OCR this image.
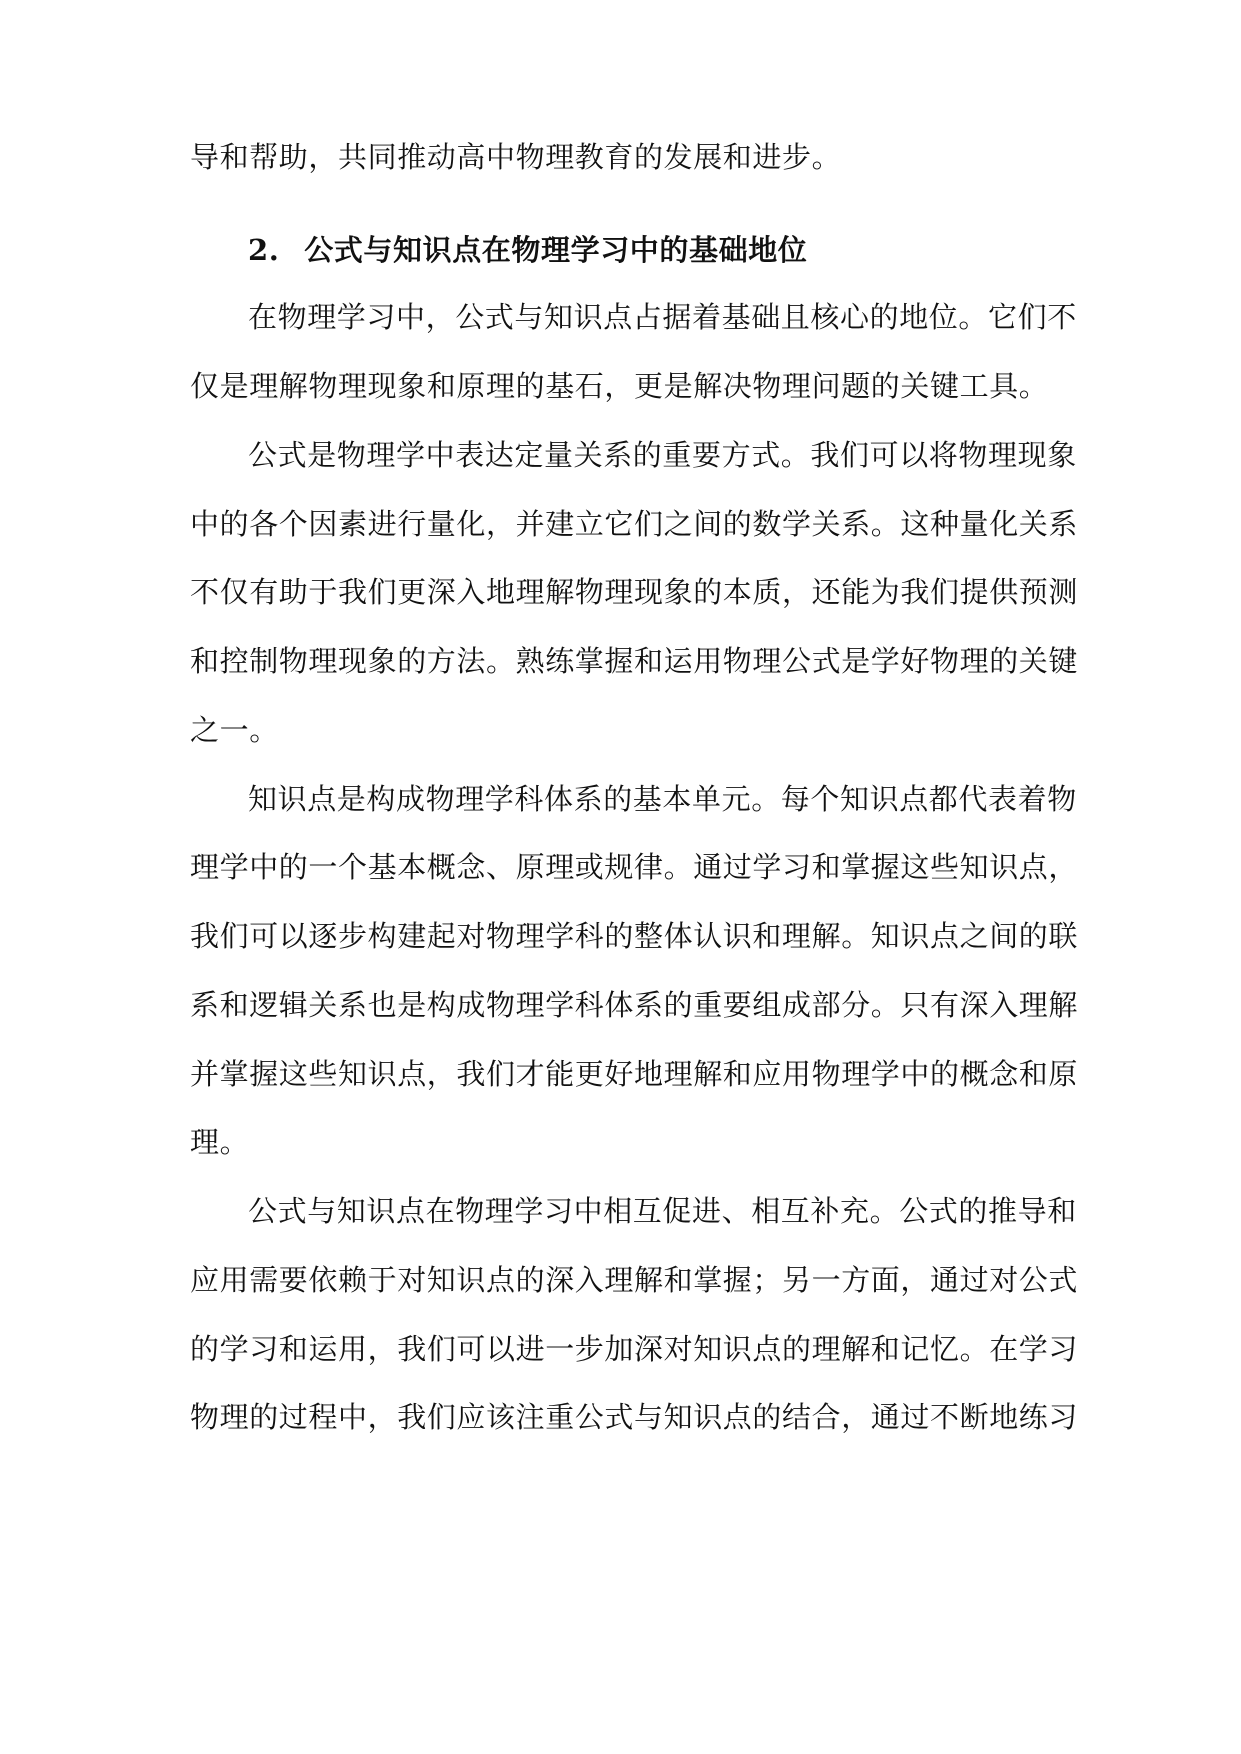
导和帮助，共同推动高中物理教育的发展和进步。
2. 公式与知识点在物理学习中的基础地位
在物理学习中，公式与知识点占据着基础且核心的地位。它们不
仅是理解物理现象和原理的基石，更是解决物理问题的关键工具。
公式是物理学中表达定量关系的重要方式。我们可以将物理现象
中的各个因素进行量化，并建立它们之间的数学关系。这种量化关系
不仅有助于我们更深入地理解物理现象的本质，还能为我们提供预测
和控制物理现象的方法。熟练掌握和运用物理公式是学好物理的关键
之一。
知识点是构成物理学科体系的基本单元。每个知识点都代表着物
理学中的一个基本概念、原理或规律。通过学习和掌握这些知识点，
我们可以逐步构建起对物理学科的整体认识和理解。知识点之间的联
系和逻辑关系也是构成物理学科体系的重要组成部分。只有深入理解
并掌握这些知识点，我们才能更好地理解和应用物理学中的概念和原
理。
公式与知识点在物理学习中相互促进、相互补充。公式的推导和
应用需要依赖于对知识点的深入理解和掌握；另一方面，通过对公式
的学习和运用，我们可以进一步加深对知识点的理解和记忆。在学习
物理的过程中，我们应该注重公式与知识点的结合，通过不断地练习
